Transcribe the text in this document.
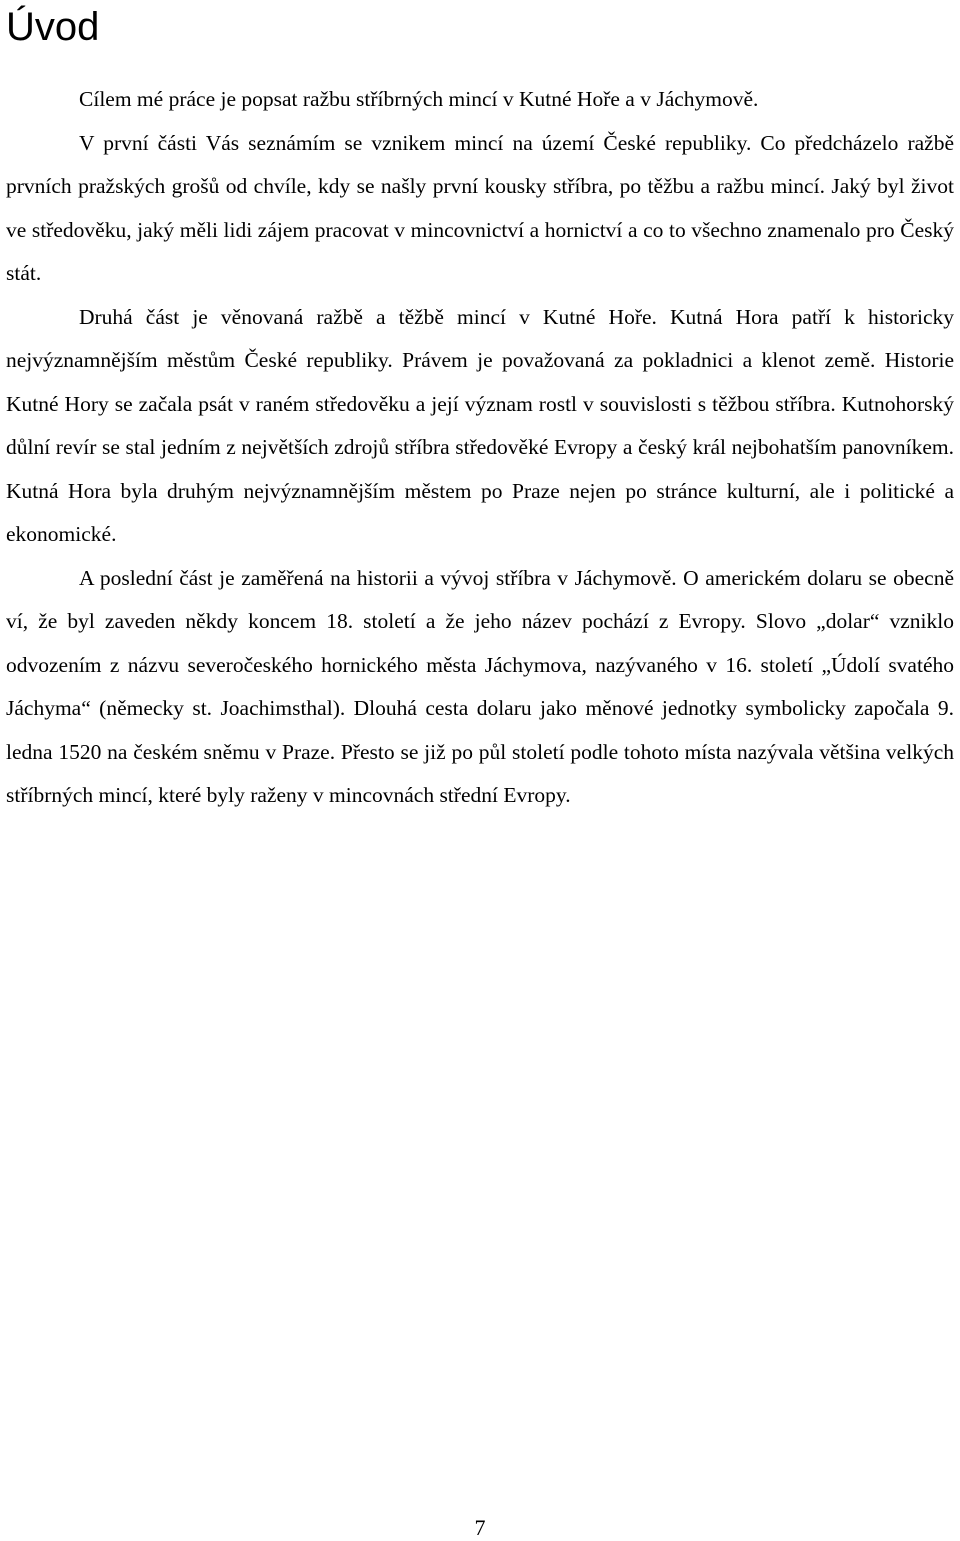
Úvod

Cílem mé práce je popsat ražbu stříbrných mincí v Kutné Hoře a v Jáchymově.

V první části Vás seznámím se vznikem mincí na území České republiky. Co předcházelo ražbě prvních pražských grošů od chvíle, kdy se našly první kousky stříbra, po těžbu a ražbu mincí. Jaký byl život ve středověku, jaký měli lidi zájem pracovat v mincovnictví a hornictví a co to všechno znamenalo pro Český stát.

Druhá část je věnovaná ražbě a těžbě mincí v Kutné Hoře. Kutná Hora patří k historicky nejvýznamnějším městům České republiky. Právem je považovaná za pokladnici a klenot země. Historie Kutné Hory se začala psát v raném středověku a její význam rostl v souvislosti s těžbou stříbra. Kutnohorský důlní revír se stal jedním z největších zdrojů stříbra středověké Evropy a český král nejbohatším panovníkem. Kutná Hora byla druhým nejvýznamnějším městem po Praze nejen po stránce kulturní, ale i politické a ekonomické.

A poslední část je zaměřená na historii a vývoj stříbra v Jáchymově. O americkém dolaru se obecně ví, že byl zaveden někdy koncem 18. století a že jeho název pochází z Evropy. Slovo „dolar“ vzniklo odvozením z názvu severočeského hornického města Jáchymova, nazývaného v 16. století „Údolí svatého Jáchyma“ (německy st. Joachimsthal). Dlouhá cesta dolaru jako měnové jednotky symbolicky započala 9. ledna 1520 na českém sněmu v Praze. Přesto se již po půl století podle tohoto místa nazývala většina velkých stříbrných mincí, které byly raženy v mincovnách střední Evropy.

7
